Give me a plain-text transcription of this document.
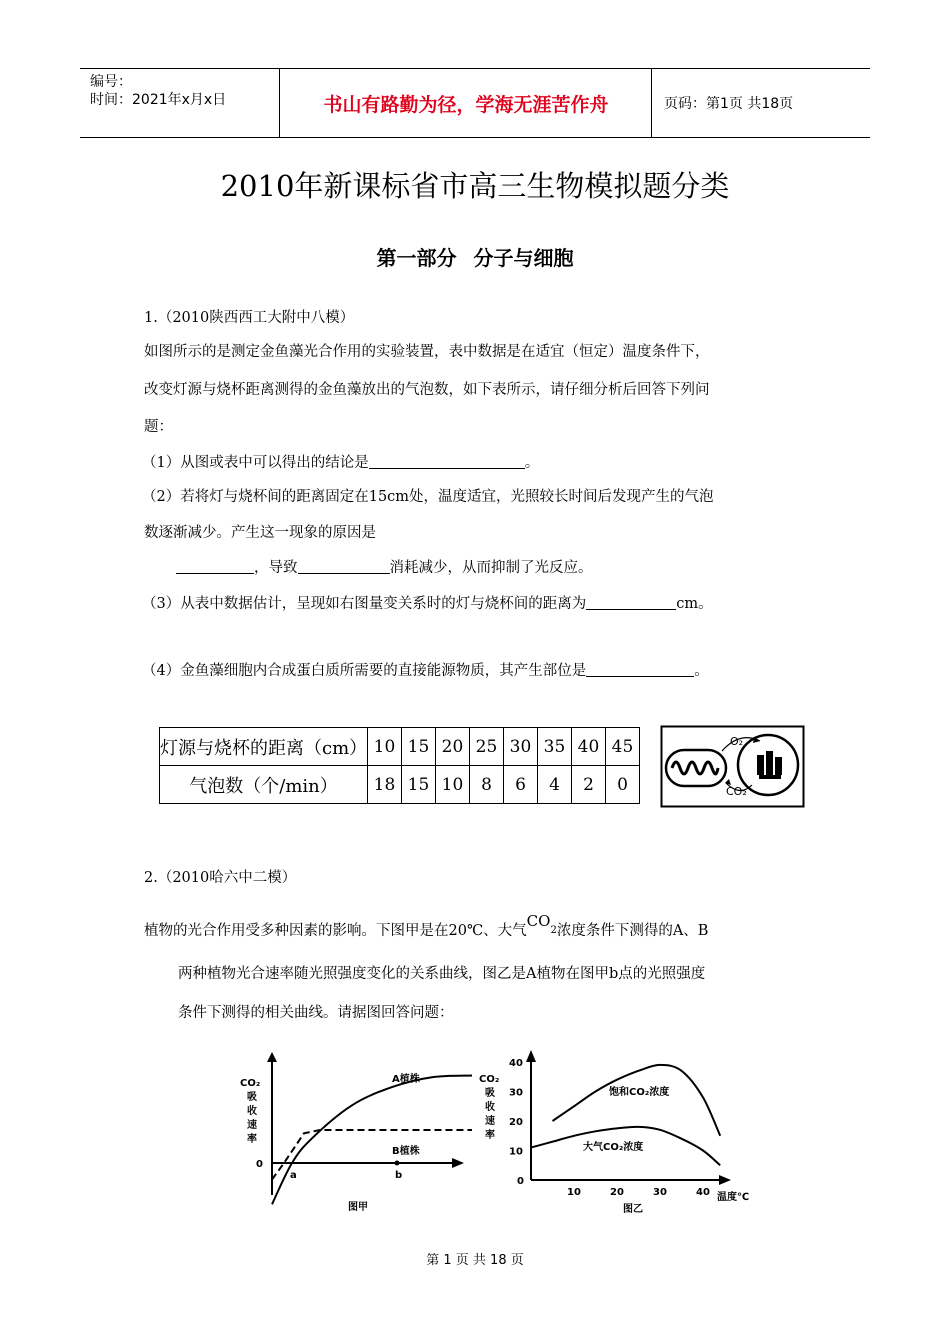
编号：
时间：2021年x月x日	书山有路勤为径，学海无涯苦作舟	页码：第1页 共18页
2010年新课标省市高三生物模拟题分类
第一部分 分子与细胞
1.（2010陕西西工大附中八模）
如图所示的是测定金鱼藻光合作用的实验装置，表中数据是在适宜（恒定）温度条件下，
改变灯源与烧杯距离测得的金鱼藻放出的气泡数，如下表所示，请仔细分析后回答下列问
题：
（1）从图或表中可以得出的结论是	。
（2）若将灯与烧杯间的距离固定在15cm处，温度适宜，光照较长时间后发现产生的气泡
数逐渐减少。产生这一现象的原因是
，导致	消耗减少，从而抑制了光反应。
（3）从表中数据估计，呈现如右图量变关系时的灯与烧杯间的距离为	cm。
（4）金鱼藻细胞内合成蛋白质所需要的直接能源物质，其产生部位是	。
灯源与烧杯的距离（cm）	10	15	20	25	30	35	40	45
气泡数（个/min）	18	15	10	8	6	4	2	0
O₂
CO₂
2.（2010哈六中二模）
植物的光合作用受多种因素的影响。下图甲是在20℃、大气CO2浓度条件下测得的A、B
两种植物光合速率随光照强度变化的关系曲线，图乙是A植物在图甲b点的光照强度
条件下测得的相关曲线。请据图回答问题：
CO₂
吸
收
速
率
0
a	b
A植株
B植株
图甲
10	20	30	40
0
10
20
30
40
CO₂
吸
收
速
率
饱和CO₂浓度
大气CO₂浓度
温度℃
图乙
第 1 页 共 18 页
